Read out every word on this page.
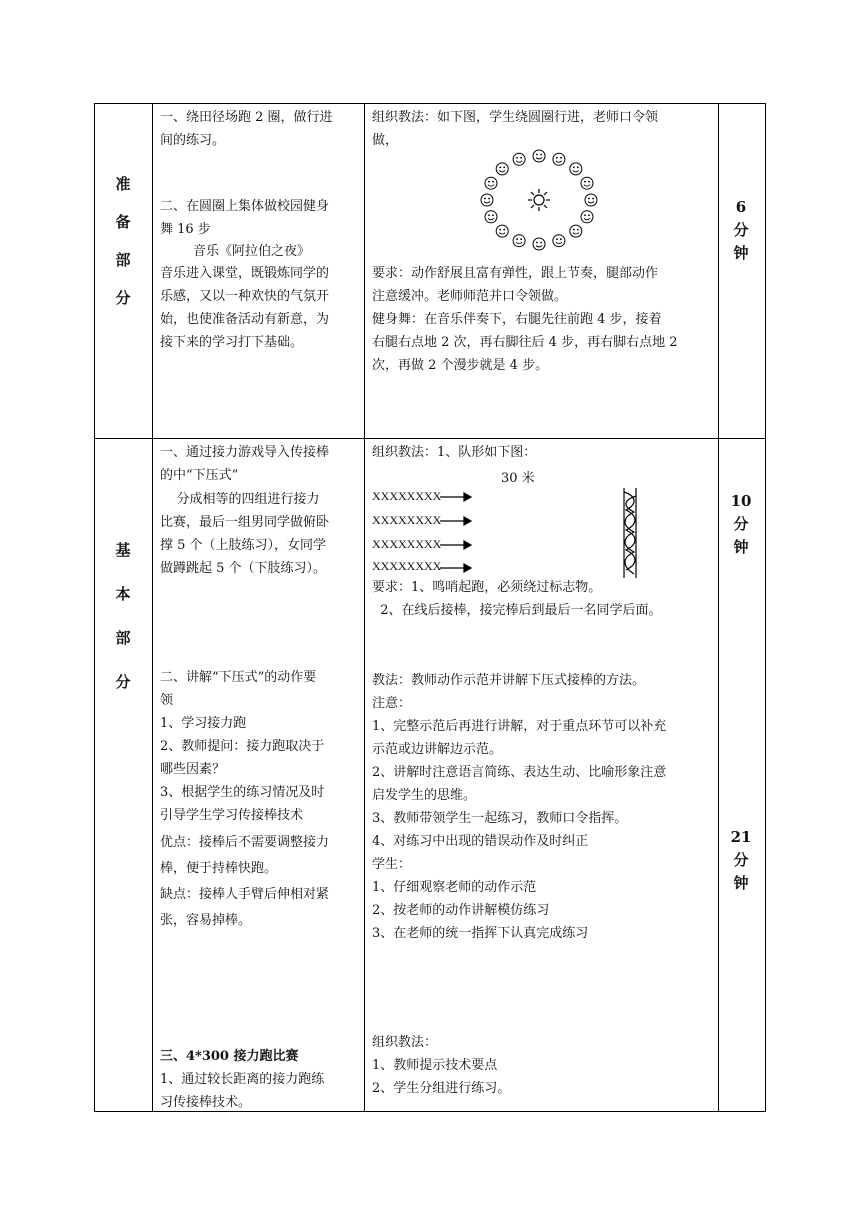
准
备
部
分
一、绕田径场跑 2 圈，做行进
间的练习。
二、在圆圈上集体做校园健身
舞 16 步
音乐《阿拉伯之夜》
音乐进入课堂，既锻炼同学的
乐感，又以一种欢快的气氛开
始，也使准备活动有新意，为
接下来的学习打下基础。
组织教法：如下图，学生绕圆圈行进，老师口令领
做，
要求：动作舒展且富有弹性，跟上节奏，腿部动作
注意缓冲。老师师范并口令领做。
健身舞：在音乐伴奏下，右腿先往前跑 4 步，接着
右腿右点地 2 次，再右脚往后 4 步，再右脚右点地 2
次，再做 2 个漫步就是 4 步。
6
分
钟
基
本
部
分
一、通过接力游戏导入传接棒
的中“下压式”
分成相等的四组进行接力
比赛，最后一组男同学做俯卧
撑 5 个（上肢练习），女同学
做蹲跳起 5 个（下肢练习）。
二、讲解“下压式”的动作要
领
1、学习接力跑
2、教师提问：接力跑取决于
哪些因素？
3、根据学生的练习情况及时
引导学生学习传接棒技术
优点：接棒后不需要调整接力
棒，便于持棒快跑。
缺点：接棒人手臂后伸相对紧
张，容易掉棒。
三、4*300 接力跑比赛
1、通过较长距离的接力跑练
习传接棒技术。
组织教法：1、队形如下图：
30 米
XXXXXXXX
XXXXXXXX
XXXXXXXX
XXXXXXXX
要求：1、鸣哨起跑，必须绕过标志物。
2、在线后接棒，接完棒后到最后一名同学后面。
教法：教师动作示范并讲解下压式接棒的方法。
注意：
1、完整示范后再进行讲解，对于重点环节可以补充
示范或边讲解边示范。
2、讲解时注意语言简练、表达生动、比喻形象注意
启发学生的思维。
3、教师带领学生一起练习，教师口令指挥。
4、对练习中出现的错误动作及时纠正
学生：
1、仔细观察老师的动作示范
2、按老师的动作讲解模仿练习
3、在老师的统一指挥下认真完成练习
组织教法：
1、教师提示技术要点
2、学生分组进行练习。
10
分
钟
21
分
钟
